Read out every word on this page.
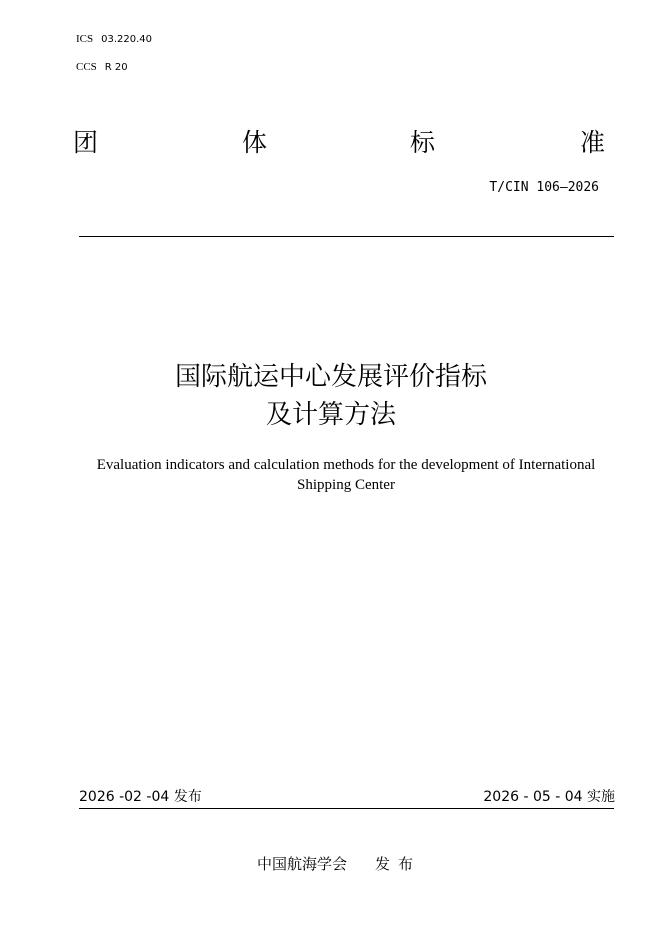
ICS 03.220.40
CCS R 20
团	体	标	准
T/CIN 106—2026
国际航运中心发展评价指标
及计算方法
Evaluation indicators and calculation methods for the development of International
Shipping Center
2026 -02 -04 发布	2026 - 05 - 04 实施
中国航海学会 发布
